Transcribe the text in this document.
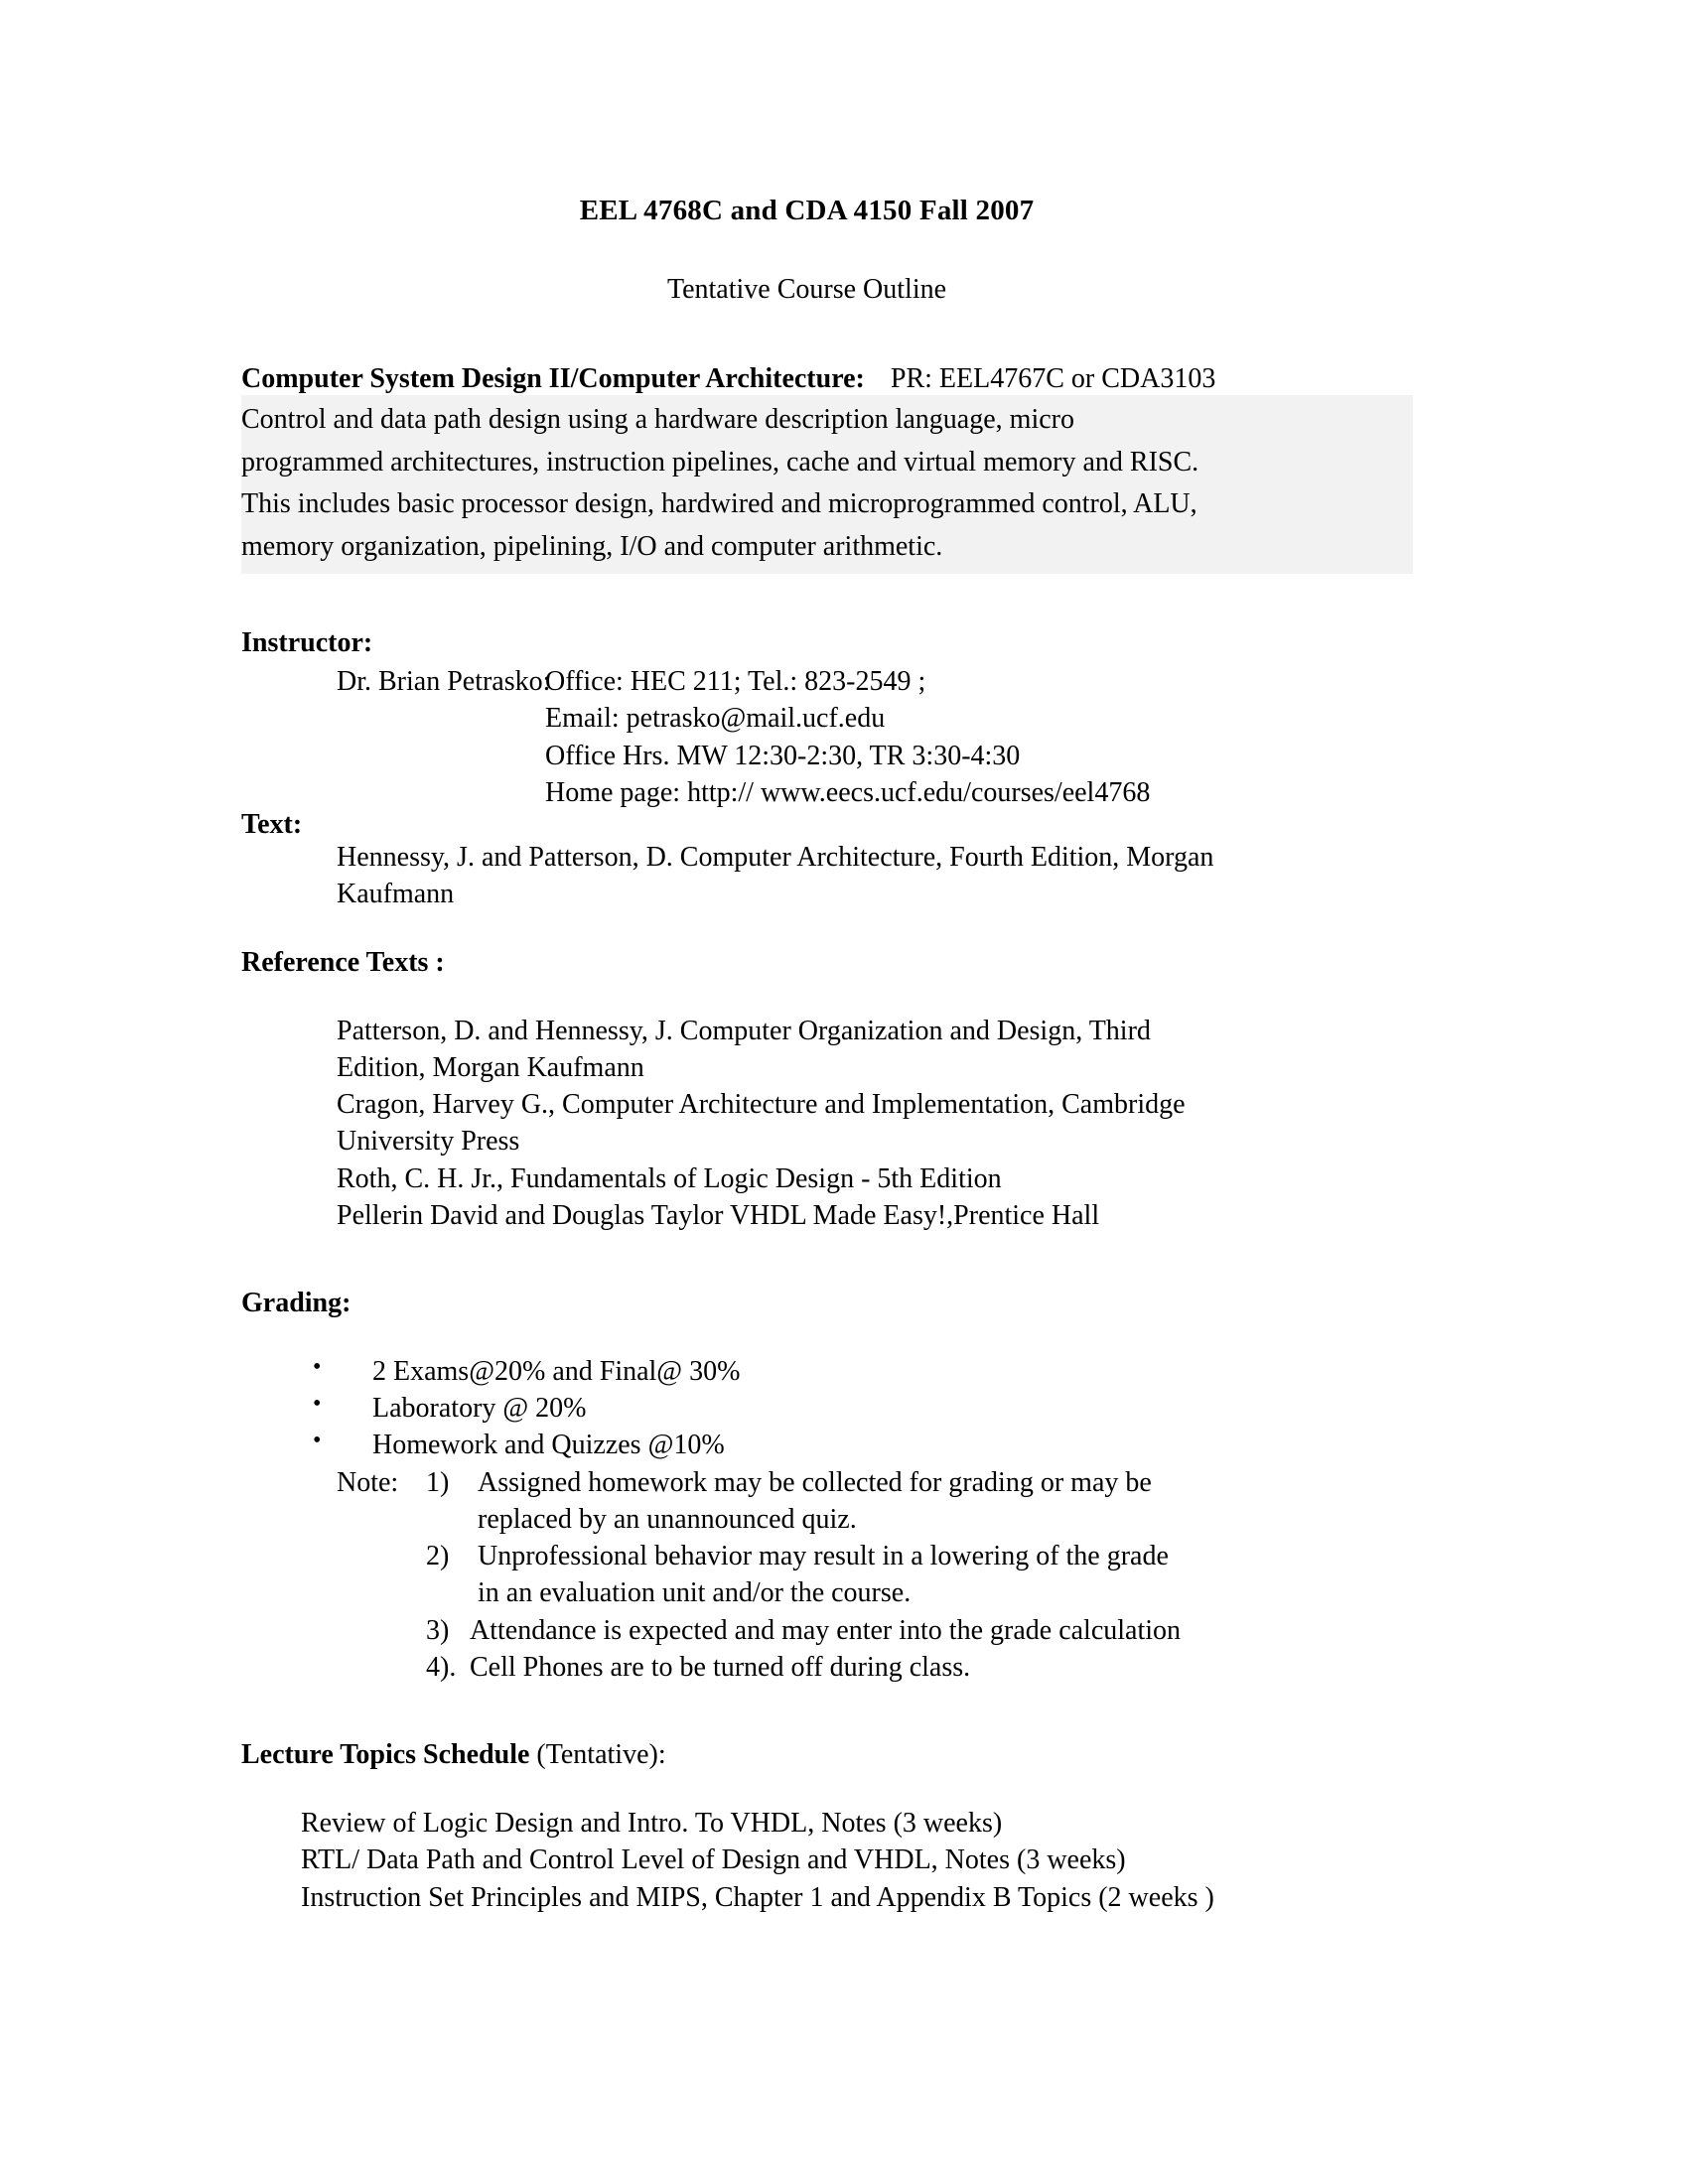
EEL 4768C and CDA 4150 Fall 2007
Tentative Course Outline
Computer System Design II/Computer Architecture: PR: EEL4767C or CDA3103
Control and data path design using a hardware description language, micro
programmed architectures, instruction pipelines, cache and virtual memory and RISC.
This includes basic processor design, hardwired and microprogrammed control, ALU,
memory organization, pipelining, I/O and computer arithmetic.
Instructor:
Dr. Brian Petrasko:Office: HEC 211; Tel.: 823-2549 ;
Email: petrasko@mail.ucf.edu
Office Hrs. MW 12:30-2:30, TR 3:30-4:30
Home page: http:// www.eecs.ucf.edu/courses/eel4768
Text:
Hennessy, J. and Patterson, D. Computer Architecture, Fourth Edition, Morgan
Kaufmann
Reference Texts :
Patterson, D. and Hennessy, J. Computer Organization and Design, Third
Edition, Morgan Kaufmann
Cragon, Harvey G., Computer Architecture and Implementation, Cambridge
University Press
Roth, C. H. Jr., Fundamentals of Logic Design - 5th Edition
Pellerin David and Douglas Taylor VHDL Made Easy!,Prentice Hall
Grading:
• 2 Exams@20% and Final@ 30%
• Laboratory @ 20%
• Homework and Quizzes @10%
Note: 1) Assigned homework may be collected for grading or may be
replaced by an unannounced quiz.
2) Unprofessional behavior may result in a lowering of the grade
in an evaluation unit and/or the course.
3) Attendance is expected and may enter into the grade calculation
4). Cell Phones are to be turned off during class.
Lecture Topics Schedule (Tentative):
Review of Logic Design and Intro. To VHDL, Notes (3 weeks)
RTL/ Data Path and Control Level of Design and VHDL, Notes (3 weeks)
Instruction Set Principles and MIPS, Chapter 1 and Appendix B Topics (2 weeks )
